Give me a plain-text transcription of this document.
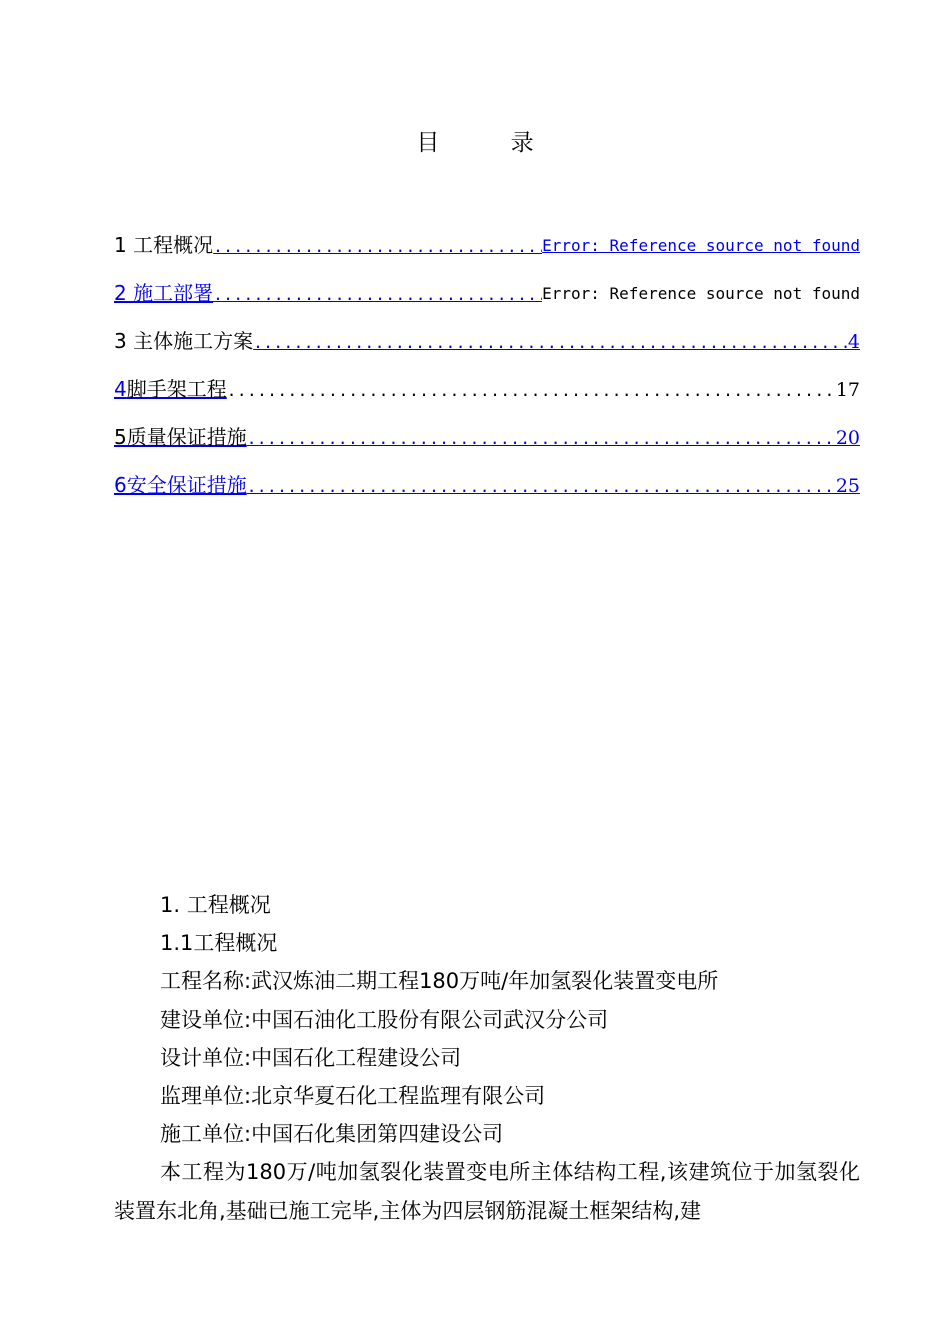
目 录
1 工程概况 .....	Error: Reference source not found
2 施工部署 .....	Error: Reference source not found
3 主体施工方案 .....	4
4脚手架工程 .....	17
5质量保证措施 .....	20
6安全保证措施 .....	25

1. 工程概况

1.1工程概况

工程名称:武汉炼油二期工程180万吨/年加氢裂化装置变电所

建设单位:中国石油化工股份有限公司武汉分公司

设计单位:中国石化工程建设公司

监理单位:北京华夏石化工程监理有限公司

施工单位:中国石化集团第四建设公司

本工程为180万/吨加氢裂化装置变电所主体结构工程,该建筑位于加氢裂化装置东北角,基础已施工完毕,主体为四层钢筋混凝土框架结构,建
